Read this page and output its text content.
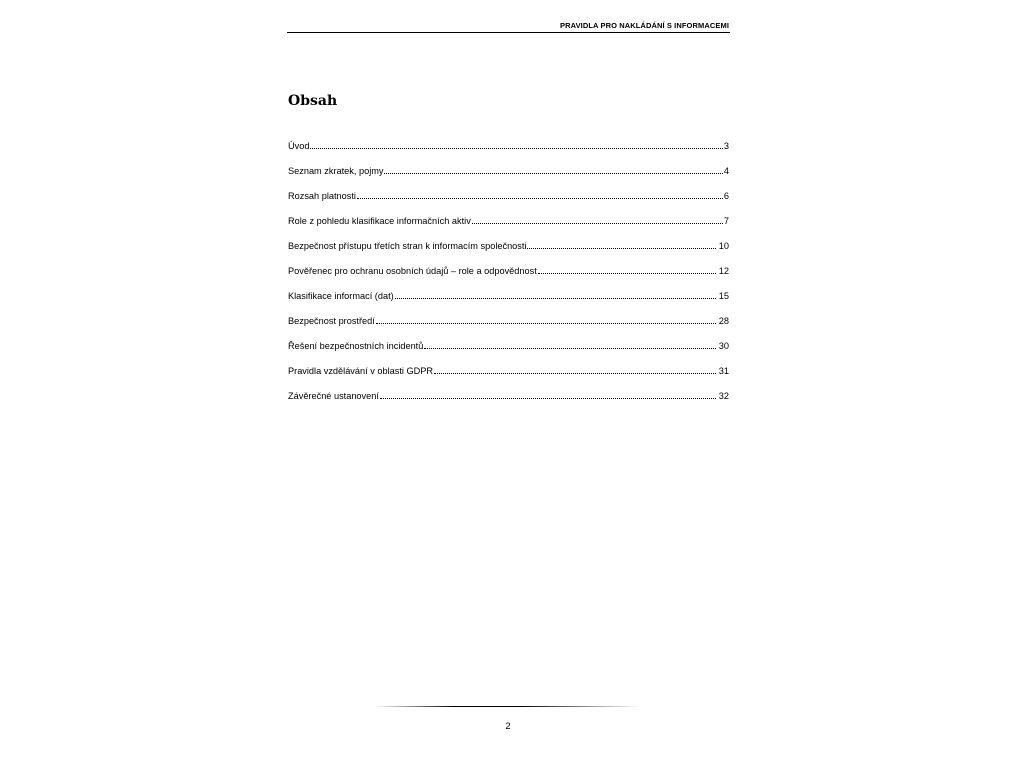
PRAVIDLA PRO NAKLÁDÁNÍ S INFORMACEMI
Obsah
Úvod	3
Seznam zkratek, pojmy	4
Rozsah platnosti	6
Role z pohledu klasifikace informačních aktiv	7
Bezpečnost přístupu třetích stran k informacím společnosti	10
Pověřenec pro ochranu osobních údajů – role a odpovědnost	12
Klasifikace informací (dat)	15
Bezpečnost prostředí	28
Řešení bezpečnostních incidentů	30
Pravidla vzdělávání v oblasti GDPR	31
Závěrečné ustanovení	32
2
